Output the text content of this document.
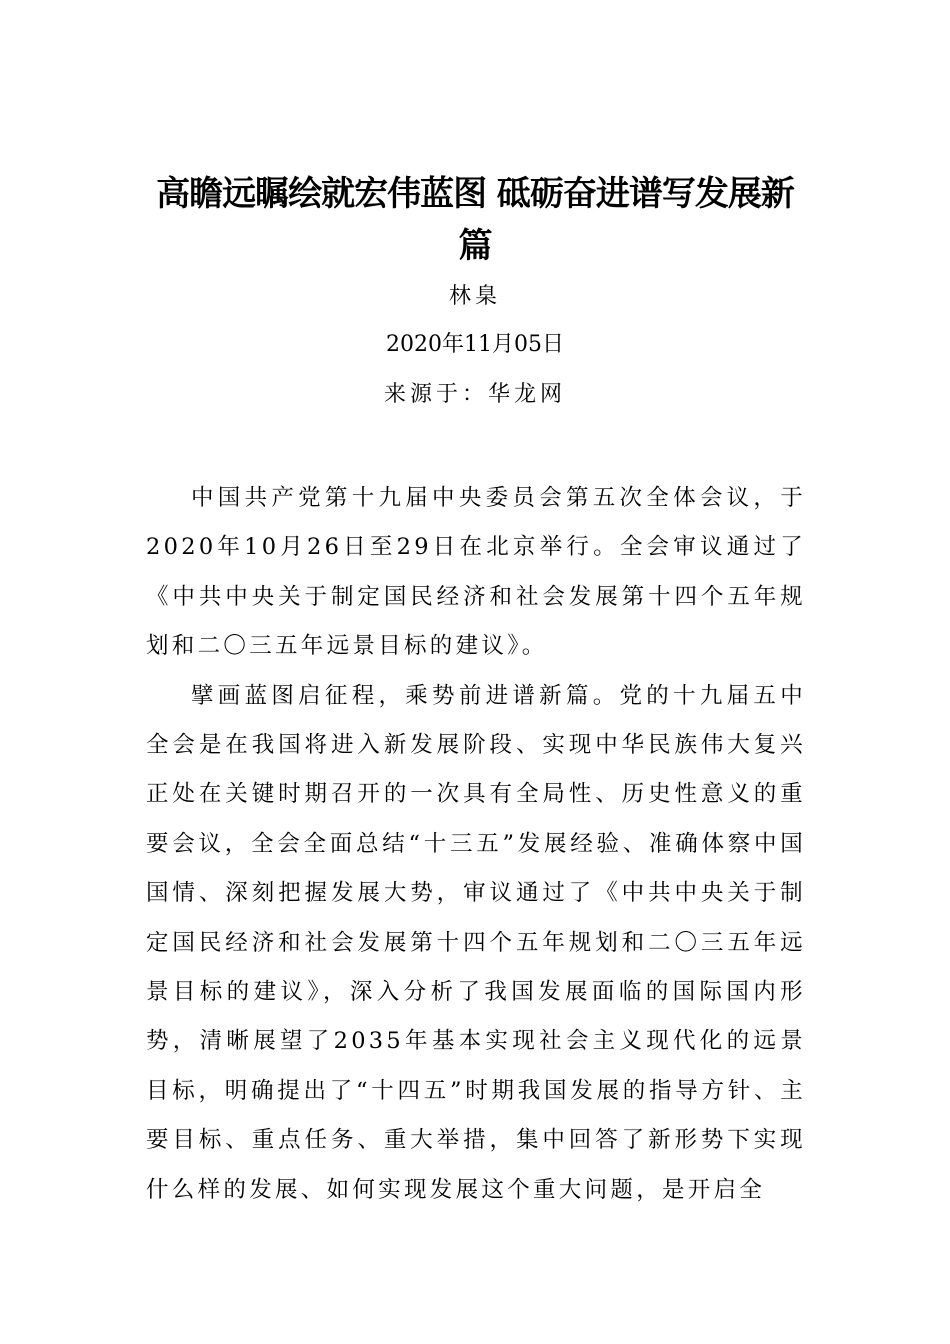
高瞻远瞩绘就宏伟蓝图 砥砺奋进谱写发展新篇
林臬
2020年11月05日
来源于：华龙网

中国共产党第十九届中央委员会第五次全体会议，于2020年10月26日至29日在北京举行。全会审议通过了《中共中央关于制定国民经济和社会发展第十四个五年规划和二〇三五年远景目标的建议》。

擘画蓝图启征程，乘势前进谱新篇。党的十九届五中全会是在我国将进入新发展阶段、实现中华民族伟大复兴正处在关键时期召开的一次具有全局性、历史性意义的重要会议，全会全面总结“十三五”发展经验、准确体察中国国情、深刻把握发展大势，审议通过了《中共中央关于制定国民经济和社会发展第十四个五年规划和二〇三五年远景目标的建议》，深入分析了我国发展面临的国际国内形势，清晰展望了2035年基本实现社会主义现代化的远景目标，明确提出了“十四五”时期我国发展的指导方针、主要目标、重点任务、重大举措，集中回答了新形势下实现什么样的发展、如何实现发展这个重大问题，是开启全
